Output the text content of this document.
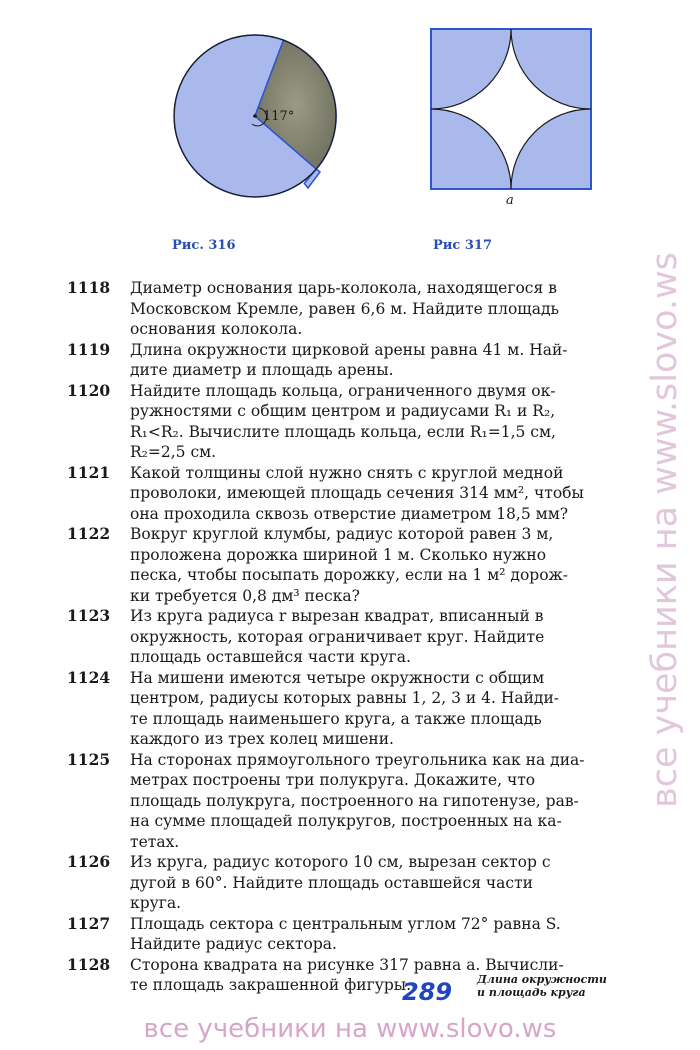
117°
a
Рис. 316	Рис 317
1118	Диаметр основания царь-колокола, находящегося в
Московском Кремле, равен 6,6 м. Найдите площадь
основания колокола.
1119	Длина окружности цирковой арены равна 41 м. Най-
дите диаметр и площадь арены.
1120	Найдите площадь кольца, ограниченного двумя ок-
ружностями с общим центром и радиусами R₁ и R₂,
R₁<R₂. Вычислите площадь кольца, если R₁=1,5 см,
R₂=2,5 см.
1121	Какой толщины слой нужно снять с круглой медной
проволоки, имеющей площадь сечения 314 мм², чтобы
она проходила сквозь отверстие диаметром 18,5 мм?
1122	Вокруг круглой клумбы, радиус которой равен 3 м,
проложена дорожка шириной 1 м. Сколько нужно
песка, чтобы посыпать дорожку, если на 1 м² дорож-
ки требуется 0,8 дм³ песка?
1123	Из круга радиуса r вырезан квадрат, вписанный в
окружность, которая ограничивает круг. Найдите
площадь оставшейся части круга.
1124	На мишени имеются четыре окружности с общим
центром, радиусы которых равны 1, 2, 3 и 4. Найди-
те площадь наименьшего круга, а также площадь
каждого из трех колец мишени.
1125	На сторонах прямоугольного треугольника как на диа-
метрах построены три полукруга. Докажите, что
площадь полукруга, построенного на гипотенузе, рав-
на сумме площадей полукругов, построенных на ка-
тетах.
1126	Из круга, радиус которого 10 см, вырезан сектор с
дугой в 60°. Найдите площадь оставшейся части
круга.
1127	Площадь сектора с центральным углом 72° равна S.
Найдите радиус сектора.
1128	Сторона квадрата на рисунке 317 равна a. Вычисли-
те площадь закрашенной фигуры.
289 Длина окружности
и площадь круга
все учебники на www.slovo.ws
все учебники на www.slovo.ws
